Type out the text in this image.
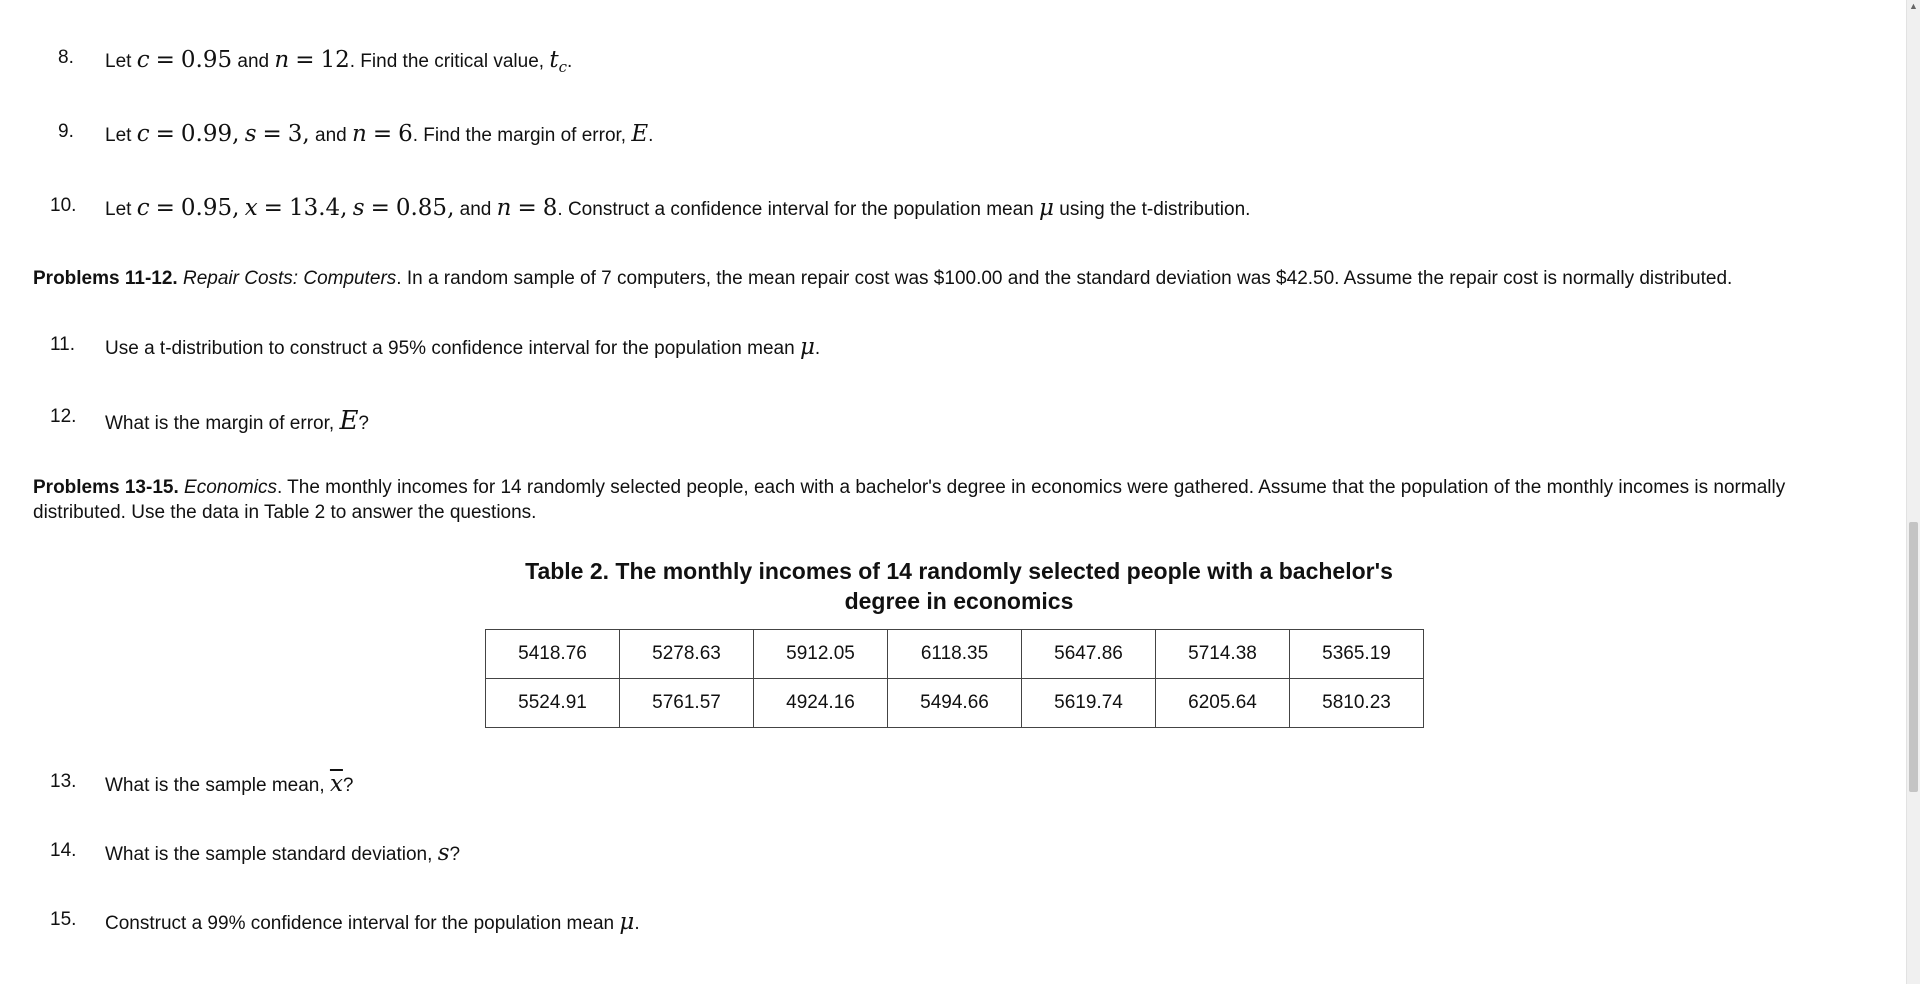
8. Let c = 0.95 and n = 12. Find the critical value, $t_c$.
9. Let c = 0.99, s = 3, and n = 6. Find the margin of error, E.
10. Let c = 0.95, x = 13.4, s = 0.85, and n = 8. Construct a confidence interval for the population mean μ using the t-distribution.
Problems 11-12. Repair Costs: Computers. In a random sample of 7 computers, the mean repair cost was $100.00 and the standard deviation was $42.50. Assume the repair cost is normally distributed.
11. Use a t-distribution to construct a 95% confidence interval for the population mean μ.
12. What is the margin of error, E?
Problems 13-15. Economics. The monthly incomes for 14 randomly selected people, each with a bachelor's degree in economics were gathered. Assume that the population of the monthly incomes is normally distributed. Use the data in Table 2 to answer the questions.
Table 2. The monthly incomes of 14 randomly selected people with a bachelor's
degree in economics
5418.76	5278.63	5912.05	6118.35	5647.86	5714.38	5365.19
5524.91	5761.57	4924.16	5494.66	5619.74	6205.64	5810.23
13. What is the sample mean, $\overline{x}$?
14. What is the sample standard deviation, s?
15. Construct a 99% confidence interval for the population mean μ.
▲
